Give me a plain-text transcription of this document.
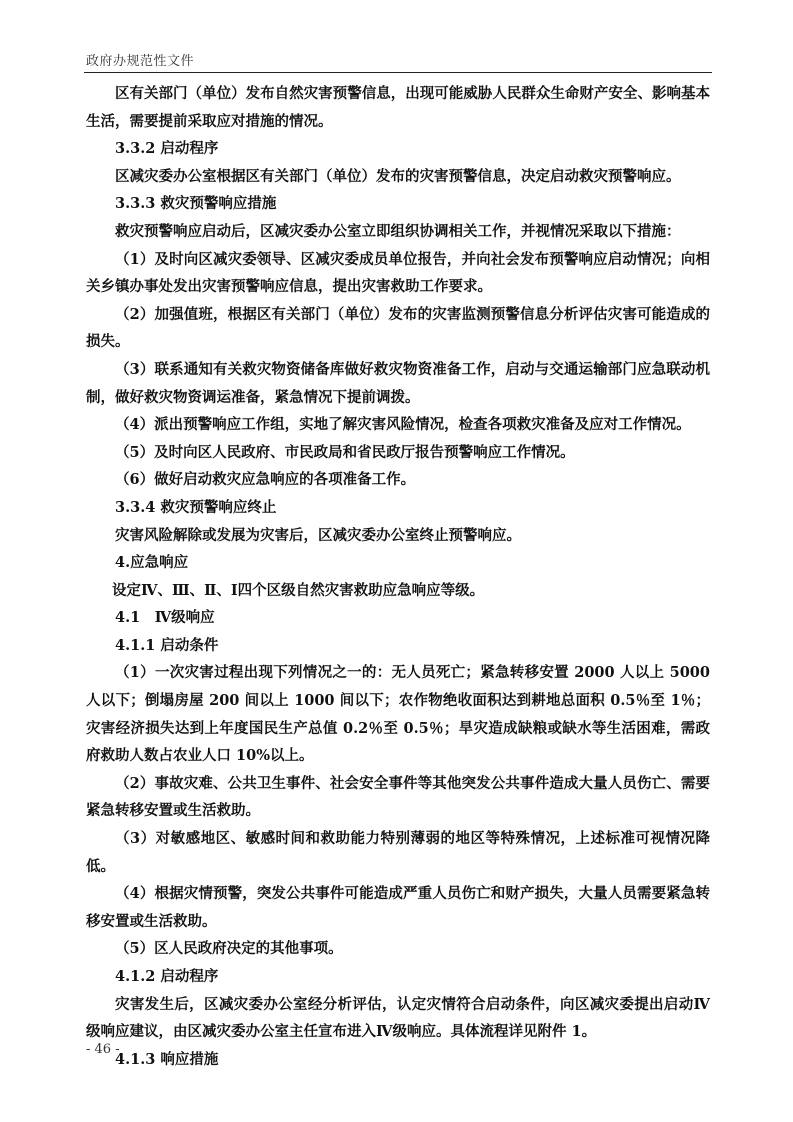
政府办规范性文件

区有关部门（单位）发布自然灾害预警信息，出现可能威胁人民群众生命财产安全、影响基本生活，需要提前采取应对措施的情况。

3.3.2 启动程序

区减灾委办公室根据区有关部门（单位）发布的灾害预警信息，决定启动救灾预警响应。

3.3.3 救灾预警响应措施

救灾预警响应启动后，区减灾委办公室立即组织协调相关工作，并视情况采取以下措施：

（1）及时向区减灾委领导、区减灾委成员单位报告，并向社会发布预警响应启动情况；向相关乡镇办事处发出灾害预警响应信息，提出灾害救助工作要求。

（2）加强值班，根据区有关部门（单位）发布的灾害监测预警信息分析评估灾害可能造成的损失。

（3）联系通知有关救灾物资储备库做好救灾物资准备工作，启动与交通运输部门应急联动机制，做好救灾物资调运准备，紧急情况下提前调拨。

（4）派出预警响应工作组，实地了解灾害风险情况，检查各项救灾准备及应对工作情况。

（5）及时向区人民政府、市民政局和省民政厅报告预警响应工作情况。

（6）做好启动救灾应急响应的各项准备工作。

3.3.4 救灾预警响应终止

灾害风险解除或发展为灾害后，区减灾委办公室终止预警响应。

4.应急响应

设定Ⅳ、Ⅲ、Ⅱ、Ⅰ四个区级自然灾害救助应急响应等级。

4.1　Ⅳ级响应

4.1.1 启动条件

（1）一次灾害过程出现下列情况之一的：无人员死亡；紧急转移安置 2000 人以上 5000 人以下；倒塌房屋 200 间以上 1000 间以下；农作物绝收面积达到耕地总面积 0.5％至 1％；灾害经济损失达到上年度国民生产总值 0.2％至 0.5％；旱灾造成缺粮或缺水等生活困难，需政府救助人数占农业人口 10%以上。

（2）事故灾难、公共卫生事件、社会安全事件等其他突发公共事件造成大量人员伤亡、需要紧急转移安置或生活救助。

（3）对敏感地区、敏感时间和救助能力特别薄弱的地区等特殊情况，上述标准可视情况降低。

（4）根据灾情预警，突发公共事件可能造成严重人员伤亡和财产损失，大量人员需要紧急转移安置或生活救助。

（5）区人民政府决定的其他事项。

4.1.2 启动程序

灾害发生后，区减灾委办公室经分析评估，认定灾情符合启动条件，向区减灾委提出启动Ⅳ级响应建议，由区减灾委办公室主任宣布进入Ⅳ级响应。具体流程详见附件 1。

4.1.3 响应措施

- 46 -
